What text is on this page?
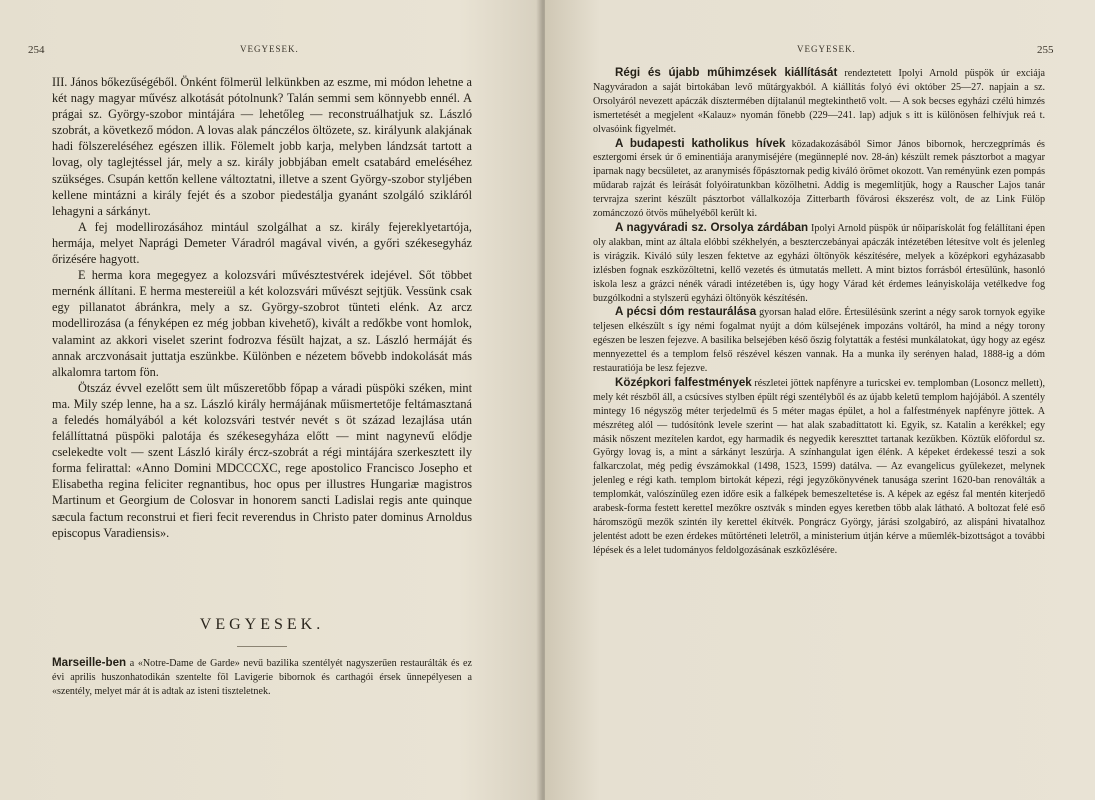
254	VEGYESEK.

III. János bőkezűségéből. Önként fölmerül lelkünkben az eszme, mi módon lehetne a két nagy magyar művész alkotását pótolnunk? Talán semmi sem könnyebb ennél. A prágai sz. György-szobor mintájára — lehetőleg — reconstruálhatjuk sz. László szobrát, a következő módon. A lovas alak pánczélos öltözete, sz. királyunk alakjának hadi fölszereléséhez egészen illik. Fölemelt jobb karja, melyben lándzsát tartott a lovag, oly taglejtéssel jár, mely a sz. király jobbjában emelt csatabárd emeléséhez szükséges. Csupán kettőn kellene változtatni, illetve a szent György-szobor stylјében kellene mintázni a király fejét és a szobor piedestálja gyanánt szolgáló szikláról lehagyni a sárkányt.

A fej modellirozásához mintául szolgálhat a sz. király fejereklyetartója, hermája, melyet Naprági Demeter Váradról magával vivén, a győri székesegyház őrizésére hagyott.

E herma kora megegyez a kolozsvári művésztestvérek idejével. Sőt többet mernénk állítani. E herma mestereiül a két kolozsvári művészt sejtjük. Vessünk csak egy pillanatot ábránkra, mely a sz. György-szobrot tünteti elénk. Az arcz modellirozása (a fényképen ez még jobban kivehető), kivált a redőkbe vont homlok, valamint az akkori viselet szerint fodrozva fésült hajzat, a sz. László hermáját és annak arczvonásait juttatja eszünkbe. Különben e nézetem bővebb indokolását más alkalomra tartom fön.

Ötszáz évvel ezelőtt sem ült műszeretőbb főpap a váradi püspöki széken, mint ma. Mily szép lenne, ha a sz. László király hermájának műismertetője feltámasztaná a feledés homályából a két kolozsvári testvér nevét s öt század lezajlása után felállíttatná püspöki palotája és székesegyháza előtt — mint nagynevű elődje cselekedte volt — szent László király ércz-szobrát a régi mintájára szerkesztett ily forma felirattal: «Anno Domini MDCCCXC, rege apostolico Francisco Josepho et Elisabetha regina feliciter regnantibus, hoc opus per illustres Hungariæ magistros Martinum et Georgium de Colosvar in honorem sancti Ladislai regis ante quinque sæcula factum reconstrui et fieri fecit reverendus in Christo pater dominus Arnoldus episcopus Varadiensis».

VEGYESEK.

Marseille-ben a «Notre-Dame de Garde» nevű bazilika szentélyét nagyszerűen restaurálták és ez évi aprilis huszonhatodikán szentelte föl Lavigerie bibornok és carthagói érsek ünnepélyesen a «szentély, melyet már át is adtak az isteni tiszteletnek.

VEGYESEK.	255

Régi és újabb műhimzések kiállítását rendeztetett Ipolyi Arnold püspök úr exciája Nagyváradon a saját birtokában levő műtárgyakból. A kiállítás folyó évi október 25—27. napjain a sz. Orsolyáról nevezett apáczák dísztermében díjtalanúl megtekinthető volt. — A sok becses egyházi czélú himzés ismertetését a megjelent «Kalauz» nyomán fönebb (229—241. lap) adjuk s itt is különösen felhívjuk reá t. olvasóink figyelmét.

A budapesti katholikus hívek közadakozásából Simor János bibornok, herczegprímás és esztergomi érsek úr ő eminentiája aranymiséjére (megünneplé nov. 28-án) készült remek pásztorbot a magyar iparnak nagy becsületet, az aranymisés főpásztornak pedig kiváló örömet okozott. Van reményünk ezen pompás műdarab rajzát és leírását folyóiratunkban közölhetni. Addig is megemlítjük, hogy a Rauscher Lajos tanár tervrajza szerint készült pásztorbot vállalkozója Zitterbarth fővárosi ékszerész volt, de az Link Fülöp zománczozó ötvös műhelyéből került ki.

A nagyváradi sz. Orsolya zárdában Ipolyi Arnold püspök úr nőiparískolát fog felállítani épen oly alakban, mint az általa elóbbi székhelyén, a beszterczebányai apáczák intézetében létesítve volt és jelenleg is virágzik. Kiváló súly leszen fektetve az egyházi öltönyök készítésére, melyek a középkori egyházasabb izlésben fognak eszközöltetni, kellő vezetés és útmutatás mellett. A mint biztos forrásból értesülünk, hasonló iskola lesz a grázci nénék váradi intézetében is, úgy hogy Várad két érdemes leányiskolája vetélkedve fog buzgólkodni a stylszerű egyházi öltönyök készítésén.

A pécsi dóm restaurálása gyorsan halad előre. Értesülésünk szerint a négy sarok tornyok egyike teljesen elkészült s így némi fogalmat nyújt a dóm külsejének impozáns voltáról, ha mind a négy torony egészen be leszen fejezve. A basilika belsejében késő őszig folytatták a festési munkálatokat, úgy hogy az egész mennyezettel és a templom felső részével készen vannak. Ha a munka ily serényen halad, 1888-ig a dóm restauratiója be lesz fejezve.

Középkori falfestmények részletei jöttek napfényre a turicskei ev. templomban (Losoncz mellett), mely két részből áll, a csúcsíves stylben épült régi szentélyből és az újabb keletű templom hajójából. A szentély mintegy 16 négyszög méter terjedelmű és 5 méter magas épület, a hol a falfestmények napfényre jöttek. A mészréteg alól — tudósítónk levele szerint — hat alak szabadíttatott ki. Egyik, sz. Katalin a kerékkel; egy másik nőszent mezítelen kardot, egy harmadik és negyedik kereszttet tartanak kezükben. Köztük előfordul sz. György lovag is, a mint a sárkányt leszúrja. A színhangulat igen élénk. A képeket érdekessé teszi a sok falkarczolat, még pedig évszámokkal (1498, 1523, 1599) datálva. — Az evangelicus gyülekezet, melynek jelenleg e régi kath. templom birtokát képezi, régi jegyzőkönyvének tanusága szerint 1620-ban renoválták a templomkát, valószínűleg ezen időre esik a falképek bemeszeltetése is. A képek az egész fal mentén kiterjedő arabesk-forma festett keretteI mezőkre osztvák s minden egyes keretben több alak látható. A boltozat felé eső háromszögű mezők szintén ily kerettel ékítvék. Pongrácz György, járási szolgabíró, az alispáni hivatalhoz jelentést adott be ezen érdekes műtörténeti leletről, a ministerium útján kérve a műemlék-bizottságot a további lépések és a lelet tudományos feldolgozásának eszközlésére.
